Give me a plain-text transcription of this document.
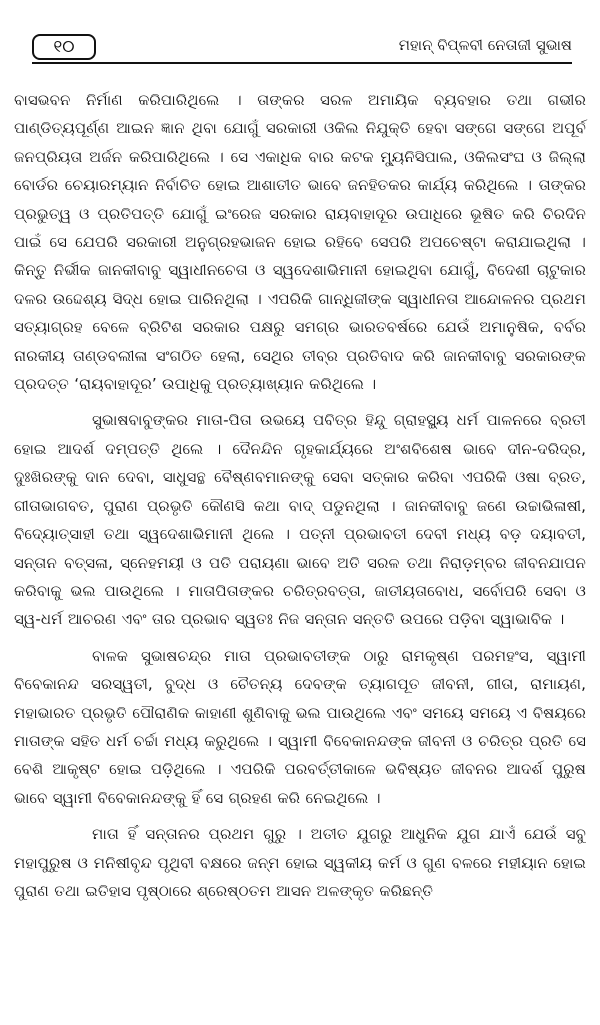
୧୦	ମହାନ୍ ବିପ୍ଳବୀ ନେତାଜୀ ସୁଭାଷ

ବାସଭବନ ନିର୍ମାଣ କରିପାରିଥିଲେ । ତାଙ୍କର ସରଳ ଅମାୟିକ ବ୍ୟବହାର ତଥା ଗଭୀର ପାଣ୍ଡିତ୍ୟପୂର୍ଣ୍ଣ ଆଇନ ଜ୍ଞାନ ଥିବା ଯୋଗୁଁ ସରକାରୀ ଓକିଲ ନିଯୁକ୍ତି ହେବା ସଙ୍ଗେ ସଙ୍ଗେ ଅପୂର୍ବ ଜନପ୍ରିୟତା ଅର୍ଜନ କରିପାରିଥିଲେ । ସେ ଏକାଧିକ ବାର କଟକ ମ୍ୟୁନିସିପାଲ, ଓକିଲସଂଘ ଓ ଜିଲ୍ଲା ବୋର୍ଡର ଚେୟାରମ୍ୟାନ ନିର୍ବାଚିତ ହୋଇ ଆଶାତୀତ ଭାବେ ଜନହିତକର କାର୍ଯ୍ୟ କରିଥିଲେ । ତାଙ୍କର ପ୍ରଭୁତ୍ୱ ଓ ପ୍ରତିପତ୍ତି ଯୋଗୁଁ ଇଂରେଜ ସରକାର ରାୟବାହାଦୂର ଉପାଧିରେ ଭୂଷିତ କରି ଚିରଦିନ ପାଇଁ ସେ ଯେପରି ସରକାରୀ ଅନୁଗ୍ରହଭାଜନ ହୋଇ ରହିବେ ସେପରି ଅପଚେଷ୍ଟା କରାଯାଇଥିଲା । କିନ୍ତୁ ନିର୍ଭୀକ ଜାନକୀବାବୁ ସ୍ୱାଧୀନଚେତା ଓ ସ୍ୱଦେଶାଭିମାନୀ ହୋଇଥିବା ଯୋଗୁଁ, ବିଦେଶୀ ଚାଟୁକାର ଦଳର ଉଦ୍ଦେଶ୍ୟ ସିଦ୍ଧ ହୋଇ ପାରିନଥିଲା । ଏପରିକି ଗାନ୍ଧିଜୀଙ୍କ ସ୍ୱାଧୀନତା ଆନ୍ଦୋଳନର ପ୍ରଥମ ସତ୍ୟାଗ୍ରହ ବେଳେ ବ୍ରିଟିଶ ସରକାର ପକ୍ଷରୁ ସମଗ୍ର ଭାରତବର୍ଷରେ ଯେଉଁ ଅମାନୁଷିକ, ବର୍ବର ନାରକୀୟ ତାଣ୍ଡବଲୀଳା ସଂଗଠିତ ହେଲା, ସେଥିର ତୀବ୍ର ପ୍ରତିବାଦ କରି ଜାନକୀବାବୁ ସରକାରଙ୍କ ପ୍ରଦତ୍ତ ‘ରାୟବାହାଦୂର’ ଉପାଧିକୁ ପ୍ରତ୍ୟାଖ୍ୟାନ କରିଥିଲେ ।

ସୁଭାଷବାବୁଙ୍କର ମାତା-ପିତା ଉଭୟେ ପବିତ୍ର ହିନ୍ଦୁ ଗ୍ରାହସ୍ଥ୍ୟ ଧର୍ମ ପାଳନରେ ବ୍ରତୀ ହୋଇ ଆଦର୍ଶ ଦମ୍ପତ୍ତି ଥିଲେ । ଦୈନନ୍ଦିନ ଗୃହକାର୍ଯ୍ୟରେ ଅଂଶବିଶେଷ ଭାବେ ଦୀନ-ଦରିଦ୍ର, ଦୁଃଖିରଙ୍କୁ ଦାନ ଦେବା, ସାଧୁସନ୍ଥ ବୈଷ୍ଣବମାନଙ୍କୁ ସେବା ସତ୍କାର କରିବା ଏପରିକି ଓଷା ବ୍ରତ, ଗୀତାଭାଗବତ, ପୁରାଣ ପ୍ରଭୃତି କୌଣସି କଥା ବାଦ୍ ପଡୁନଥିଲା । ଜାନକୀବାବୁ ଜଣେ ଉଚ୍ଚାଭିଳାଷୀ, ବିଦ୍ୟୋତ୍ସାହୀ ତଥା ସ୍ୱଦେଶାଭିମାନୀ ଥିଲେ । ପତ୍ନୀ ପ୍ରଭାବତୀ ଦେବୀ ମଧ୍ୟ ବଡ଼ ଦୟାବତୀ, ସନ୍ତାନ ବତ୍ସଳା, ସ୍ନେହମୟୀ ଓ ପତି ପରାୟଣା ଭାବେ ଅତି ସରଳ ତଥା ନିରାଡ଼ମ୍ବର ଜୀବନଯାପନ କରିବାକୁ ଭଲ ପାଉଥିଲେ । ମାତାପିତାଙ୍କର ଚରିତ୍ରବତ୍ତା, ଜାତୀୟତାବୋଧ, ସର୍ବୋପରି ସେବା ଓ ସ୍ୱ-ଧର୍ମ ଆଚରଣ ଏବଂ ତାର ପ୍ରଭାବ ସ୍ୱତଃ ନିଜ ସନ୍ତାନ ସନ୍ତତି ଉପରେ ପଡ଼ିବା ସ୍ୱାଭାବିକ ।

ବାଳକ ସୁଭାଷଚନ୍ଦ୍ର ମାତା ପ୍ରଭାବତୀଙ୍କ ଠାରୁ ରାମକୃଷ୍ଣ ପରମହଂସ, ସ୍ୱାମୀ ବିବେକାନନ୍ଦ ସରସ୍ୱତୀ, ବୁଦ୍ଧ ଓ ଚୈତନ୍ୟ ଦେବଙ୍କ ତ୍ୟାଗପୂତ ଜୀବନୀ, ଗୀତା, ରାମାୟଣ, ମହାଭାରତ ପ୍ରଭୃତି ପୌରାଣିକ କାହାଣୀ ଶୁଣିବାକୁ ଭଲ ପାଉଥିଲେ ଏବଂ ସମୟେ ସମୟେ ଏ ବିଷୟରେ ମାତାଙ୍କ ସହିତ ଧର୍ମ ଚର୍ଚ୍ଚା ମଧ୍ୟ କରୁଥିଲେ । ସ୍ୱାମୀ ବିବେକାନନ୍ଦଙ୍କ ଜୀବନୀ ଓ ଚରିତ୍ର ପ୍ରତି ସେ ବେଶି ଆକୃଷ୍ଟ ହୋଇ ପଡ଼ିଥିଲେ । ଏପରିକି ପରବର୍ତ୍ତୀକାଳେ ଭବିଷ୍ୟତ ଜୀବନର ଆଦର୍ଶ ପୁରୁଷ ଭାବେ ସ୍ୱାମୀ ବିବେକାନନ୍ଦଙ୍କୁ ହିଁ ସେ ଗ୍ରହଣ କରି ନେଇଥିଲେ ।

ମାତା ହିଁ ସନ୍ତାନର ପ୍ରଥମ ଗୁରୁ । ଅତୀତ ଯୁଗରୁ ଆଧୁନିକ ଯୁଗ ଯାଏଁ ଯେଉଁ ସବୁ ମହାପୁରୁଷ ଓ ମନିଷୀବୃନ୍ଦ ପୃଥିବୀ ବକ୍ଷରେ ଜନ୍ମ ହୋଇ ସ୍ୱକୀୟ କର୍ମ ଓ ଗୁଣ ବଳରେ ମହୀୟାନ ହୋଇ ପୁରାଣ ତଥା ଇତିହାସ ପୃଷ୍ଠାରେ ଶ୍ରେଷ୍ଠତମ ଆସନ ଅଳଙ୍କୃତ କରିଛନ୍ତି
